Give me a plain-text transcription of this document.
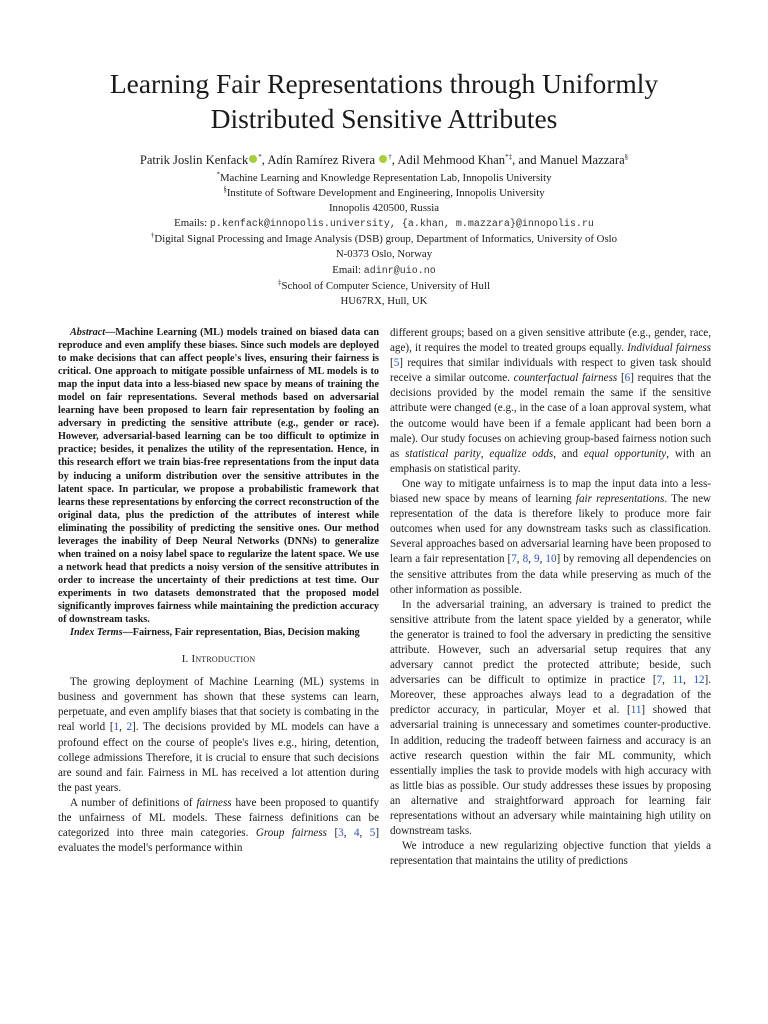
Learning Fair Representations through Uniformly
Distributed Sensitive Attributes
Patrik Joslin Kenfack *, Adín Ramírez Rivera †, Adil Mehmood Khan*‡, and Manuel Mazzara§
*Machine Learning and Knowledge Representation Lab, Innopolis University
§Institute of Software Development and Engineering, Innopolis University
Innopolis 420500, Russia
Emails: p.kenfack@innopolis.university, {a.khan, m.mazzara}@innopolis.ru
†Digital Signal Processing and Image Analysis (DSB) group, Department of Informatics, University of Oslo
N-0373 Oslo, Norway
Email: adinr@uio.no
‡School of Computer Science, University of Hull
HU67RX, Hull, UK

Abstract—Machine Learning (ML) models trained on biased data can reproduce and even amplify these biases. Since such models are deployed to make decisions that can affect people's lives, ensuring their fairness is critical. One approach to mitigate possible unfairness of ML models is to map the input data into a less-biased new space by means of training the model on fair representations. Several methods based on adversarial learning have been proposed to learn fair representation by fooling an adversary in predicting the sensitive attribute (e.g., gender or race). However, adversarial-based learning can be too difficult to optimize in practice; besides, it penalizes the utility of the representation. Hence, in this research effort we train bias-free representations from the input data by inducing a uniform distribution over the sensitive attributes in the latent space. In particular, we propose a probabilistic framework that learns these representations by enforcing the correct reconstruction of the original data, plus the prediction of the attributes of interest while eliminating the possibility of predicting the sensitive ones. Our method leverages the inability of Deep Neural Networks (DNNs) to generalize when trained on a noisy label space to regularize the latent space. We use a network head that predicts a noisy version of the sensitive attributes in order to increase the uncertainty of their predictions at test time. Our experiments in two datasets demonstrated that the proposed model significantly improves fairness while maintaining the prediction accuracy of downstream tasks.

Index Terms—Fairness, Fair representation, Bias, Decision making

I. Introduction

The growing deployment of Machine Learning (ML) systems in business and government has shown that these systems can learn, perpetuate, and even amplify biases that that society is combating in the real world [1, 2]. The decisions provided by ML models can have a profound effect on the course of people's lives e.g., hiring, detention, college admissions Therefore, it is crucial to ensure that such decisions are sound and fair. Fairness in ML has received a lot attention during the past years.

A number of definitions of fairness have been proposed to quantify the unfairness of ML models. These fairness definitions can be categorized into three main categories. Group fairness [3, 4, 5] evaluates the model's performance within

different groups; based on a given sensitive attribute (e.g., gender, race, age), it requires the model to treated groups equally. Individual fairness [5] requires that similar individuals with respect to given task should receive a similar outcome. counterfactual fairness [6] requires that the decisions provided by the model remain the same if the sensitive attribute were changed (e.g., in the case of a loan approval system, what the outcome would have been if a female applicant had been born a male). Our study focuses on achieving group-based fairness notion such as statistical parity, equalize odds, and equal opportunity, with an emphasis on statistical parity.

One way to mitigate unfairness is to map the input data into a less-biased new space by means of learning fair representations. The new representation of the data is therefore likely to produce more fair outcomes when used for any downstream tasks such as classification. Several approaches based on adversarial learning have been proposed to learn a fair representation [7, 8, 9, 10] by removing all dependencies on the sensitive attributes from the data while preserving as much of the other information as possible.

In the adversarial training, an adversary is trained to predict the sensitive attribute from the latent space yielded by a generator, while the generator is trained to fool the adversary in predicting the sensitive attribute. However, such an adversarial setup requires that any adversary cannot predict the protected attribute; beside, such adversaries can be difficult to optimize in practice [7, 11, 12]. Moreover, these approaches always lead to a degradation of the predictor accuracy, in particular, Moyer et al. [11] showed that adversarial training is unnecessary and sometimes counter-productive. In addition, reducing the tradeoff between fairness and accuracy is an active research question within the fair ML community, which essentially implies the task to provide models with high accuracy with as little bias as possible. Our study addresses these issues by proposing an alternative and straightforward approach for learning fair representations without an adversary while maintaining high utility on downstream tasks.

We introduce a new regularizing objective function that yields a representation that maintains the utility of predictions
